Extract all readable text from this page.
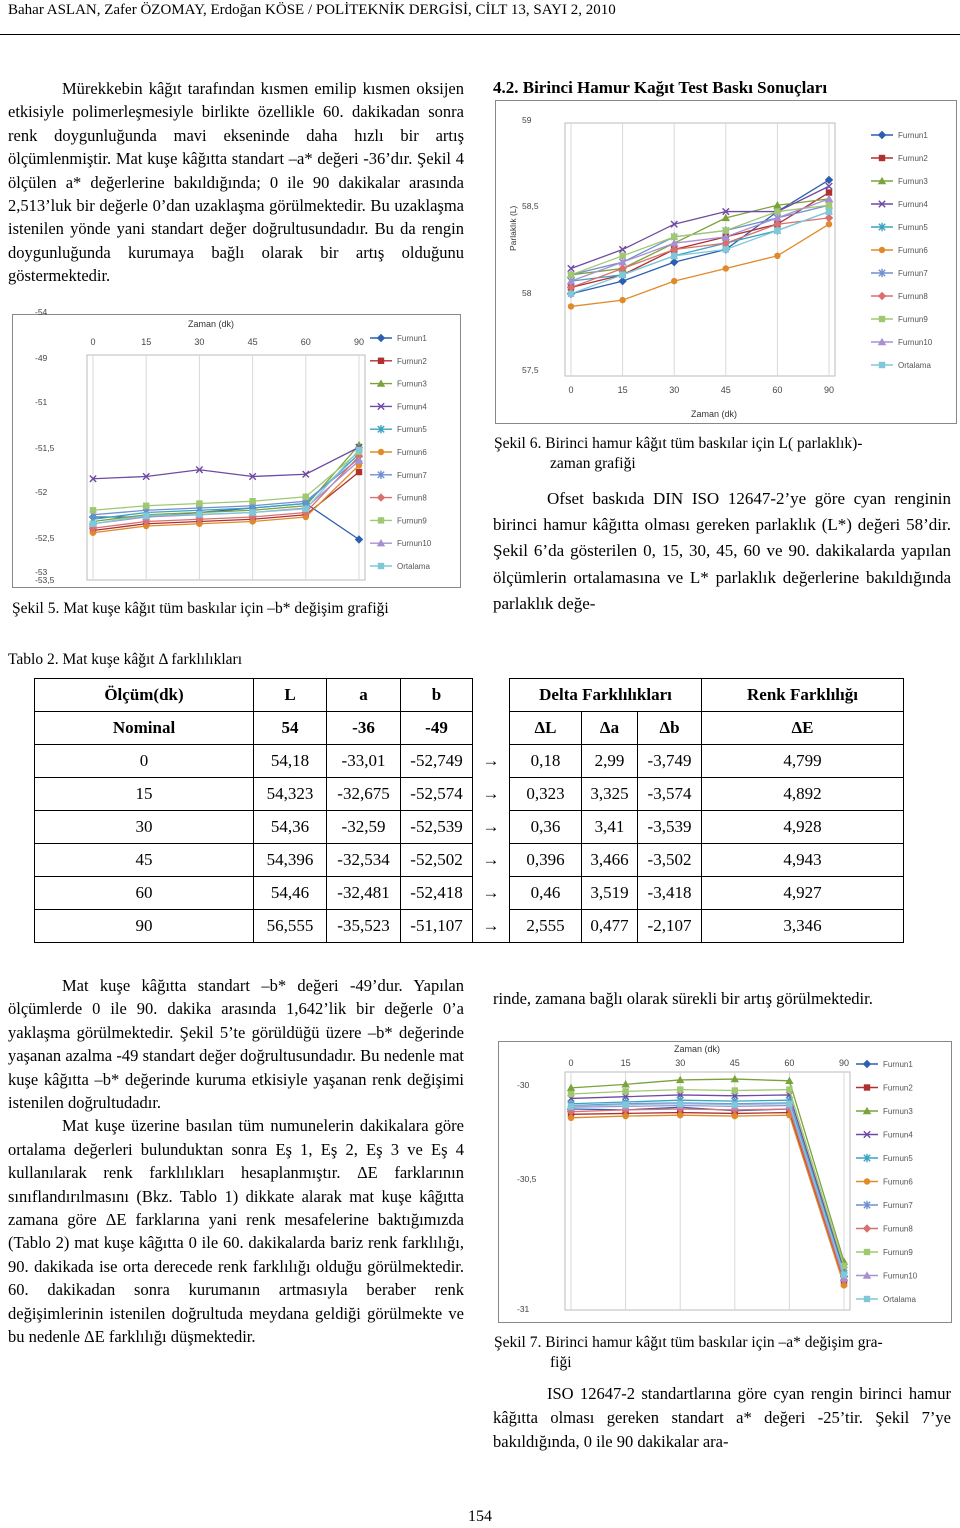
Bahar ASLAN, Zafer ÖZOMAY, Erdoğan KÖSE / POLİTEKNİK DERGİSİ, CİLT 13, SAYI 2, 2010

Mürekkebin kâğıt tarafından kısmen emilip kısmen oksijen etkisiyle polimerleşmesiyle birlikte özellikle 60. dakikadan sonra renk doygunluğunda mavi ekseninde daha hızlı bir artış ölçümlenmiştir. Mat kuşe kâğıtta standart –a* değeri -36’dır. Şekil 4 ölçülen a* değerlerine bakıldığında; 0 ile 90 dakikalar arasında 2,513’luk bir değerle 0’dan uzaklaşma görülmektedir. Bu uzaklaşma istenilen yönde yani standart değer doğrultusundadır. Bu da rengin doygunluğunda kurumaya bağlı olarak bir artış olduğunu göstermektedir.

0	15	30	45	60	90
-49
-51
-51,5
-52
-52,5
-53
-53,5
-54
Zaman (dk)
Furnun1
Furnun2
Furnun3
Furnun4
Furnun5
Furnun6
Furnun7
Furnun8
Furnun9
Furnun10
Ortalama
Şekil 5. Mat kuşe kâğıt tüm baskılar için –b* değişim grafiği
4.2. Birinci Hamur Kağıt Test Baskı Sonuçları
0	15	30	45	60	90
58
58,5
59
57,5
Zaman (dk)
Parlaklık (L)
Furnun1
Furnun2
Furnun3
Furnun4
Furnun5
Furnun6
Furnun7
Furnun8
Furnun9
Furnun10
Ortalama
Şekil 6. Birinci hamur kâğıt tüm baskılar için L( parlaklık)-
zaman grafiği

Ofset baskıda DIN ISO 12647-2’ye göre cyan renginin birinci hamur kâğıtta olması gereken parlaklık (L*) değeri 58’dir. Şekil 6’da gösterilen 0, 15, 30, 45, 60 ve 90. dakikalarda yapılan ölçümlerin ortalamasına ve L* parlaklık değerlerine bakıldığında parlaklık değe-

Tablo 2. Mat kuşe kâğıt Δ farklılıkları
Ölçüm(dk)	L	a	b		Delta Farklılıkları			Renk Farklılığı
Nominal	54	-36	-49		ΔL	Δa	Δb	ΔE
0	54,18	-33,01	-52,749	→	0,18	2,99	-3,749	4,799
15	54,323	-32,675	-52,574	→	0,323	3,325	-3,574	4,892
30	54,36	-32,59	-52,539	→	0,36	3,41	-3,539	4,928
45	54,396	-32,534	-52,502	→	0,396	3,466	-3,502	4,943
60	54,46	-32,481	-52,418	→	0,46	3,519	-3,418	4,927
90	56,555	-35,523	-51,107	→	2,555	0,477	-2,107	3,346

Mat kuşe kâğıtta standart –b* değeri -49’dur. Yapılan ölçümlerde 0 ile 90. dakika arasında 1,642’lik bir değerle 0’a yaklaşma görülmektedir. Şekil 5’te görüldüğü üzere –b* değerinde yaşanan azalma -49 standart değer doğrultusundadır. Bu nedenle mat kuşe kâğıtta –b* değerinde kuruma etkisiyle yaşanan renk değişimi istenilen doğrultudadır.

Mat kuşe üzerine basılan tüm numunelerin dakikalara göre ortalama değerleri bulunduktan sonra Eş 1, Eş 2, Eş 3 ve Eş 4 kullanılarak renk farklılıkları hesaplanmıştır. ΔE farklarının sınıflandırılmasını (Bkz. Tablo 1) dikkate alarak mat kuşe kâğıtta zamana göre ΔE farklarına yani renk mesafelerine baktığımızda (Tablo 2) mat kuşe kâğıtta 0 ile 60. dakikalarda bariz renk farklılığı, 90. dakikada ise orta derecede renk farklılığı olduğu görülmektedir. 60. dakikadan sonra kurumanın artmasıyla beraber renk değişimlerinin istenilen doğrultuda meydana geldiği görülmekte ve bu nedenle ΔE farklılığı düşmektedir.

rinde, zamana bağlı olarak sürekli bir artış görülmektedir.
0	15	30	45	60	90
-30
-30,5
-31
Zaman (dk)
Furnun1
Furnun2
Furnun3
Furnun4
Furnun5
Furnun6
Furnun7
Furnun8
Furnun9
Furnun10
Ortalama
Şekil 7. Birinci hamur kâğıt tüm baskılar için –a* değişim gra-
fiği

ISO 12647-2 standartlarına göre cyan rengin birinci hamur kâğıtta olması gereken standart a* değeri -25’tir. Şekil 7’ye bakıldığında, 0 ile 90 dakikalar ara-

154
